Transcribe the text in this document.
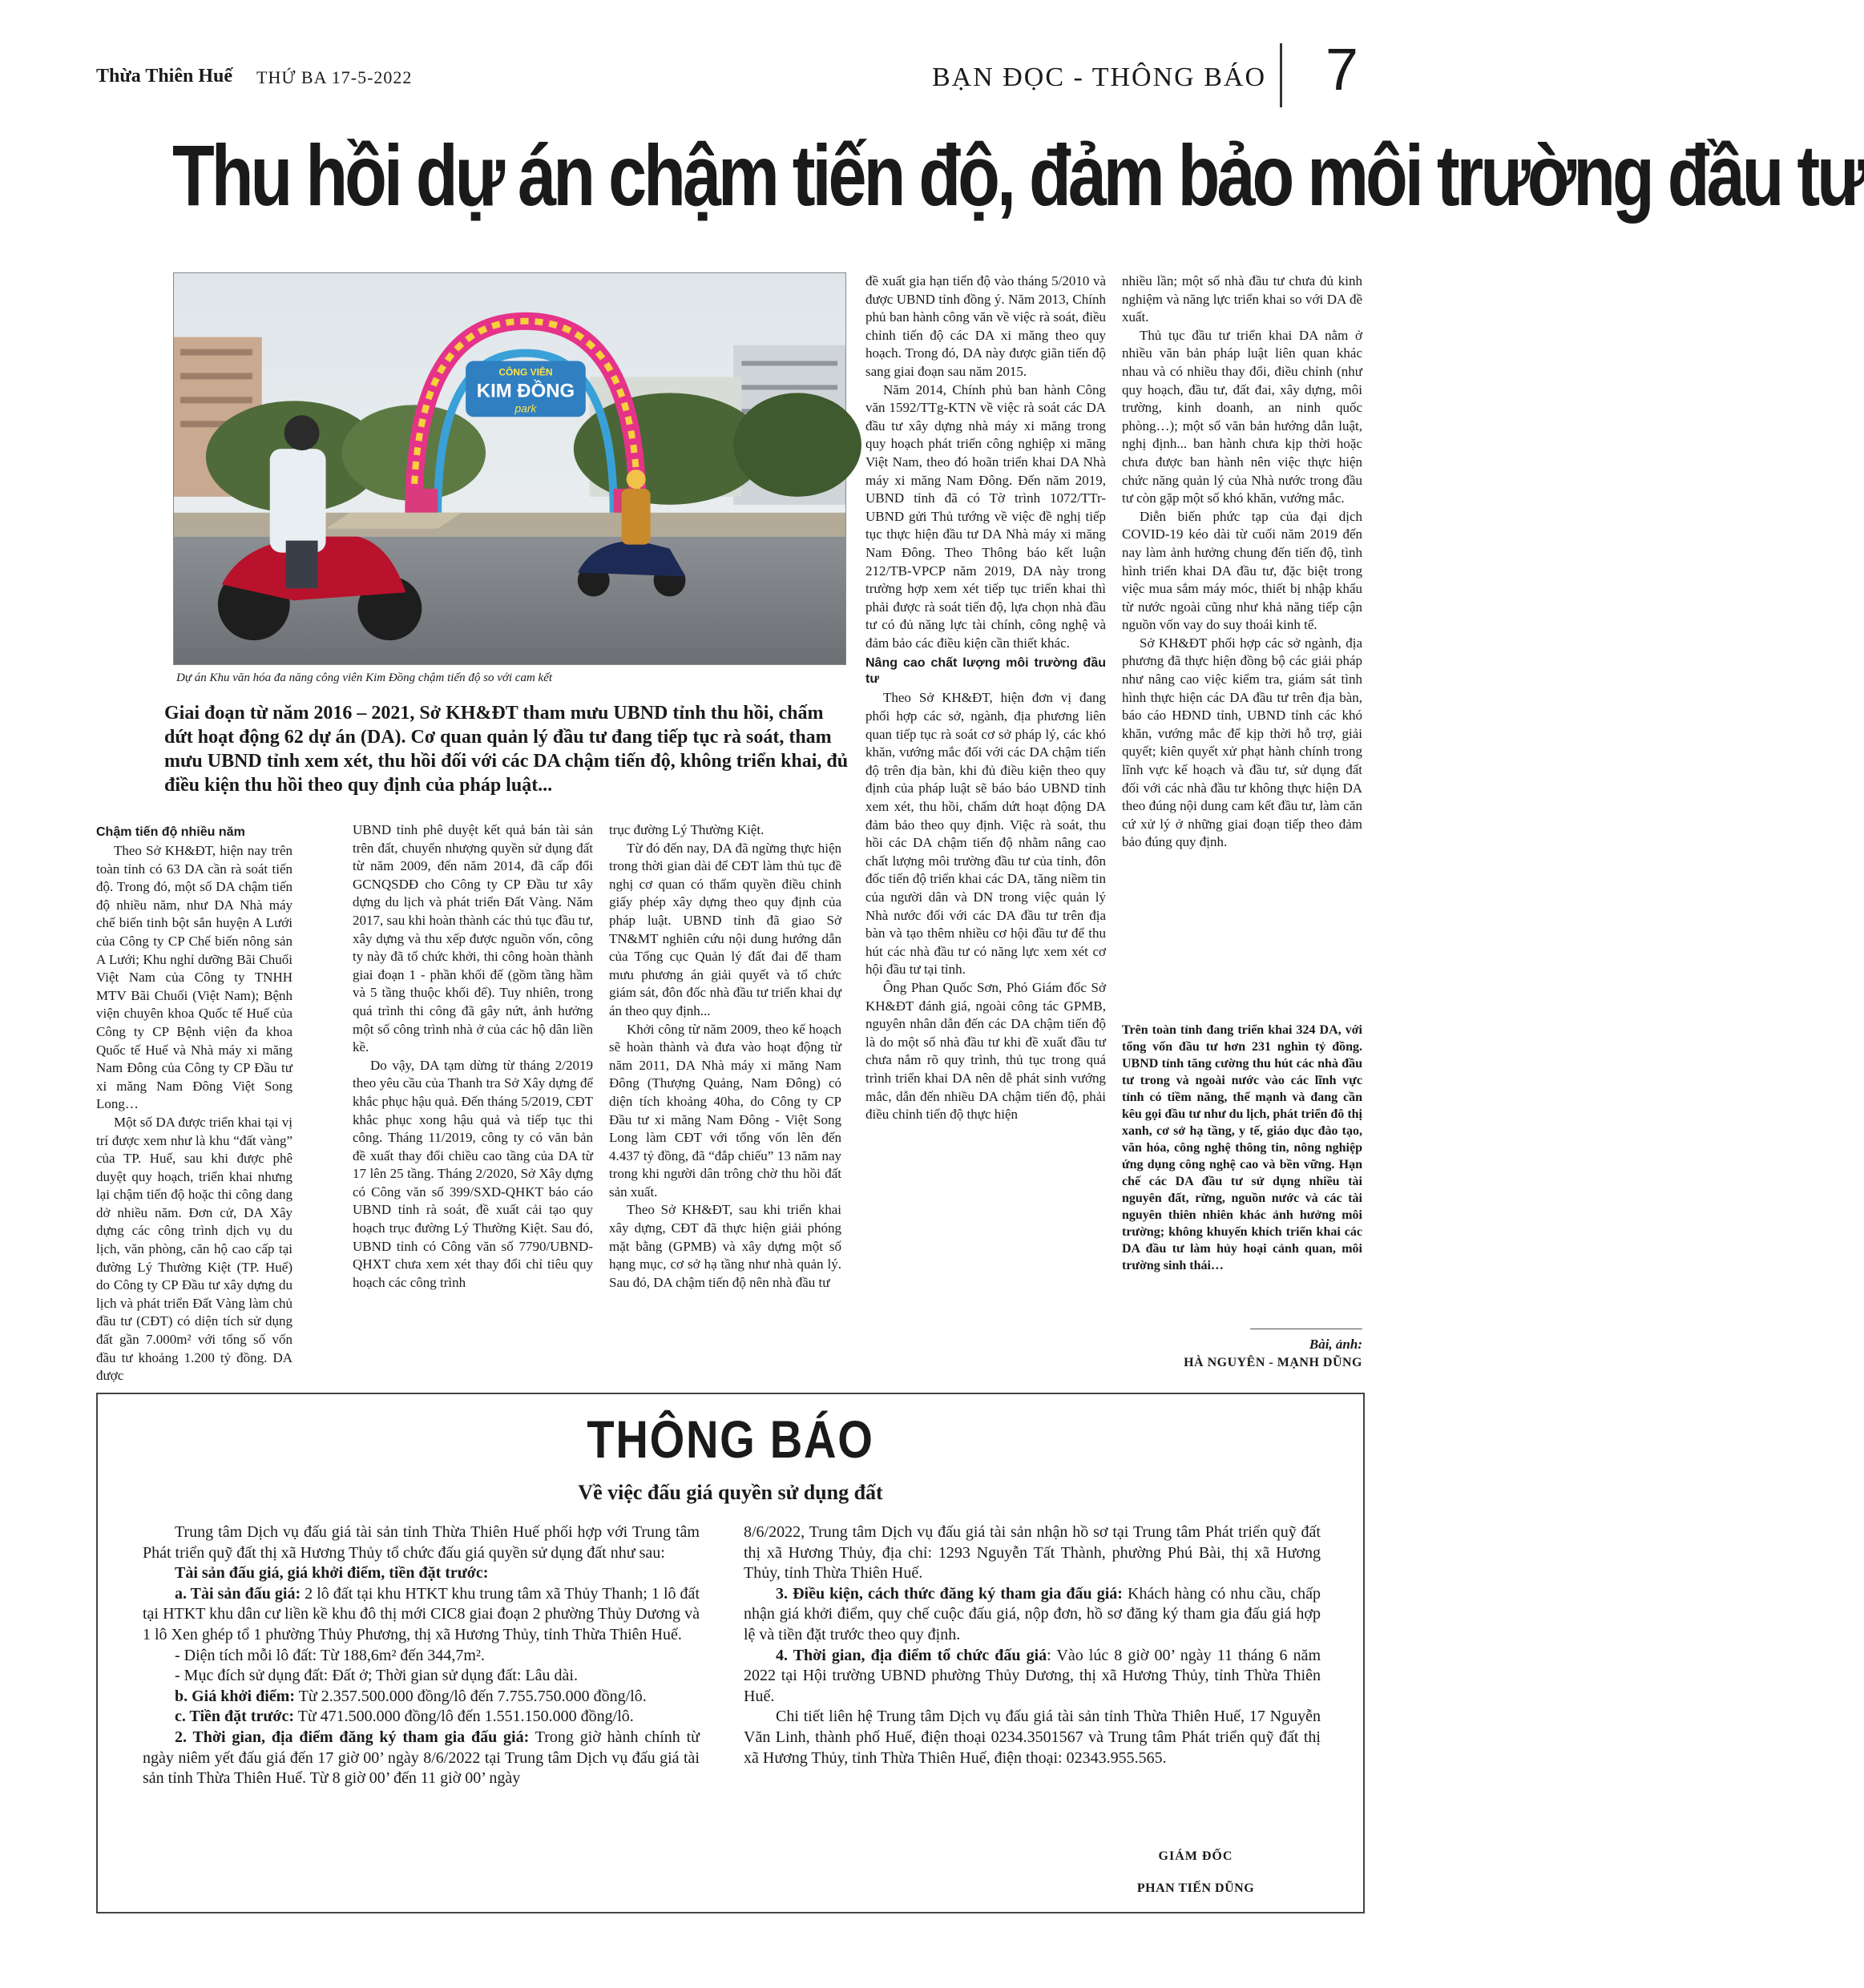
Thừa Thiên Huế THỨ BA 17-5-2022	BẠN ĐỌC - THÔNG BÁO 7
Thu hồi dự án chậm tiến độ, đảm bảo môi trường đầu tư
CÔNG VIÊN
KIM ĐỒNG
park
Dự án Khu văn hóa đa năng công viên Kim Đồng chậm tiến độ so với cam kết
Giai đoạn từ năm 2016 – 2021, Sở KH&ĐT tham mưu UBND tỉnh thu hồi, chấm dứt hoạt động 62 dự án (DA). Cơ quan quản lý đầu tư đang tiếp tục rà soát, tham mưu UBND tỉnh xem xét, thu hồi đối với các DA chậm tiến độ, không triển khai, đủ điều kiện thu hồi theo quy định của pháp luật...
Chậm tiến độ nhiều năm

Theo Sở KH&ĐT, hiện nay trên toàn tỉnh có 63 DA cần rà soát tiến độ. Trong đó, một số DA chậm tiến độ nhiều năm, như DA Nhà máy chế biến tinh bột sắn huyện A Lưới của Công ty CP Chế biến nông sản A Lưới; Khu nghỉ dưỡng Bãi Chuối Việt Nam của Công ty TNHH MTV Bãi Chuối (Việt Nam); Bệnh viện chuyên khoa Quốc tế Huế của Công ty CP Bệnh viện đa khoa Quốc tế Huế và Nhà máy xi măng Nam Đông của Công ty CP Đầu tư xi măng Nam Đông Việt Song Long…

Một số DA được triển khai tại vị trí được xem như là khu “đất vàng” của TP. Huế, sau khi được phê duyệt quy hoạch, triển khai nhưng lại chậm tiến độ hoặc thi công dang dở nhiều năm. Đơn cử, DA Xây dựng các công trình dịch vụ du lịch, văn phòng, căn hộ cao cấp tại đường Lý Thường Kiệt (TP. Huế) do Công ty CP Đầu tư xây dựng du lịch và phát triển Đất Vàng làm chủ đầu tư (CĐT) có diện tích sử dụng đất gần 7.000m² với tổng số vốn đầu tư khoảng 1.200 tỷ đồng. DA được

UBND tỉnh phê duyệt kết quả bán tài sản trên đất, chuyển nhượng quyền sử dụng đất từ năm 2009, đến năm 2014, đã cấp đổi GCNQSDĐ cho Công ty CP Đầu tư xây dựng du lịch và phát triển Đất Vàng. Năm 2017, sau khi hoàn thành các thủ tục đầu tư, xây dựng và thu xếp được nguồn vốn, công ty này đã tổ chức khởi, thi công hoàn thành giai đoạn 1 - phần khối đế (gồm tầng hầm và 5 tầng thuộc khối đế). Tuy nhiên, trong quá trình thi công đã gây nứt, ảnh hưởng một số công trình nhà ở của các hộ dân liền kề.

Do vậy, DA tạm dừng từ tháng 2/2019 theo yêu cầu của Thanh tra Sở Xây dựng để khắc phục hậu quả. Đến tháng 5/2019, CĐT khắc phục xong hậu quả và tiếp tục thi công. Tháng 11/2019, công ty có văn bản đề xuất thay đổi chiều cao tầng của DA từ 17 lên 25 tầng. Tháng 2/2020, Sở Xây dựng có Công văn số 399/SXD-QHKT báo cáo UBND tỉnh rà soát, đề xuất cải tạo quy hoạch trục đường Lý Thường Kiệt. Sau đó, UBND tỉnh có Công văn số 7790/UBND-QHXT chưa xem xét thay đổi chỉ tiêu quy hoạch các công trình

trục đường Lý Thường Kiệt.

Từ đó đến nay, DA đã ngừng thực hiện trong thời gian dài để CĐT làm thủ tục đề nghị cơ quan có thẩm quyền điều chỉnh giấy phép xây dựng theo quy định của pháp luật. UBND tỉnh đã giao Sở TN&MT nghiên cứu nội dung hướng dẫn của Tổng cục Quản lý đất đai để tham mưu phương án giải quyết và tổ chức giám sát, đôn đốc nhà đầu tư triển khai dự án theo quy định...

Khởi công từ năm 2009, theo kế hoạch sẽ hoàn thành và đưa vào hoạt động từ năm 2011, DA Nhà máy xi măng Nam Đông (Thượng Quảng, Nam Đông) có diện tích khoảng 40ha, do Công ty CP Đầu tư xi măng Nam Đông - Việt Song Long làm CĐT với tổng vốn lên đến 4.437 tỷ đồng, đã “đắp chiếu” 13 năm nay trong khi người dân trông chờ thu hồi đất sản xuất.

Theo Sở KH&ĐT, sau khi triển khai xây dựng, CĐT đã thực hiện giải phóng mặt bằng (GPMB) và xây dựng một số hạng mục, cơ sở hạ tầng như nhà quản lý. Sau đó, DA chậm tiến độ nên nhà đầu tư

đề xuất gia hạn tiến độ vào tháng 5/2010 và được UBND tỉnh đồng ý. Năm 2013, Chính phủ ban hành công văn về việc rà soát, điều chỉnh tiến độ các DA xi măng theo quy hoạch. Trong đó, DA này được giãn tiến độ sang giai đoạn sau năm 2015.

Năm 2014, Chính phủ ban hành Công văn 1592/TTg-KTN về việc rà soát các DA đầu tư xây dựng nhà máy xi măng trong quy hoạch phát triển công nghiệp xi măng Việt Nam, theo đó hoãn triển khai DA Nhà máy xi măng Nam Đông. Đến năm 2019, UBND tỉnh đã có Tờ trình 1072/TTr-UBND gửi Thủ tướng về việc đề nghị tiếp tục thực hiện đầu tư DA Nhà máy xi măng Nam Đông. Theo Thông báo kết luận 212/TB-VPCP năm 2019, DA này trong trường hợp xem xét tiếp tục triển khai thì phải được rà soát tiến độ, lựa chọn nhà đầu tư có đủ năng lực tài chính, công nghệ và đảm bảo các điều kiện cần thiết khác.

Nâng cao chất lượng môi trường đầu tư

Theo Sở KH&ĐT, hiện đơn vị đang phối hợp các sở, ngành, địa phương liên quan tiếp tục rà soát cơ sở pháp lý, các khó khăn, vướng mắc đối với các DA chậm tiến độ trên địa bàn, khi đủ điều kiện theo quy định của pháp luật sẽ báo báo UBND tỉnh xem xét, thu hồi, chấm dứt hoạt động DA đảm bảo theo quy định. Việc rà soát, thu hồi các DA chậm tiến độ nhằm nâng cao chất lượng môi trường đầu tư của tỉnh, đôn đốc tiến độ triển khai các DA, tăng niềm tin của người dân và DN trong việc quản lý Nhà nước đối với các DA đầu tư trên địa bàn và tạo thêm nhiều cơ hội đầu tư để thu hút các nhà đầu tư có năng lực xem xét cơ hội đầu tư tại tỉnh.

Ông Phan Quốc Sơn, Phó Giám đốc Sở KH&ĐT đánh giá, ngoài công tác GPMB, nguyên nhân dẫn đến các DA chậm tiến độ là do một số nhà đầu tư khi đề xuất đầu tư chưa nắm rõ quy trình, thủ tục trong quá trình triển khai DA nên dễ phát sinh vướng mắc, dẫn đến nhiều DA chậm tiến độ, phải điều chỉnh tiến độ thực hiện

nhiều lần; một số nhà đầu tư chưa đủ kinh nghiệm và năng lực triển khai so với DA đề xuất.

Thủ tục đầu tư triển khai DA nằm ở nhiều văn bản pháp luật liên quan khác nhau và có nhiều thay đổi, điều chỉnh (như quy hoạch, đầu tư, đất đai, xây dựng, môi trường, kinh doanh, an ninh quốc phòng…); một số văn bản hướng dẫn luật, nghị định... ban hành chưa kịp thời hoặc chưa được ban hành nên việc thực hiện chức năng quản lý của Nhà nước trong đầu tư còn gặp một số khó khăn, vướng mắc.

Diễn biến phức tạp của đại dịch COVID-19 kéo dài từ cuối năm 2019 đến nay làm ảnh hưởng chung đến tiến độ, tình hình triển khai DA đầu tư, đặc biệt trong việc mua sắm máy móc, thiết bị nhập khẩu từ nước ngoài cũng như khả năng tiếp cận nguồn vốn vay do suy thoái kinh tế.

Sở KH&ĐT phối hợp các sở ngành, địa phương đã thực hiện đồng bộ các giải pháp như nâng cao việc kiểm tra, giám sát tình hình thực hiện các DA đầu tư trên địa bàn, báo cáo HĐND tỉnh, UBND tỉnh các khó khăn, vướng mắc để kịp thời hỗ trợ, giải quyết; kiên quyết xử phạt hành chính trong lĩnh vực kế hoạch và đầu tư, sử dụng đất đối với các nhà đầu tư không thực hiện DA theo đúng nội dung cam kết đầu tư, làm căn cứ xử lý ở những giai đoạn tiếp theo đảm bảo đúng quy định.

Trên toàn tỉnh đang triển khai 324 DA, với tổng vốn đầu tư hơn 231 nghìn tỷ đồng. UBND tỉnh tăng cường thu hút các nhà đầu tư trong và ngoài nước vào các lĩnh vực tỉnh có tiềm năng, thế mạnh và đang cần kêu gọi đầu tư như du lịch, phát triển đô thị xanh, cơ sở hạ tầng, y tế, giáo dục đào tạo, văn hóa, công nghệ thông tin, nông nghiệp ứng dụng công nghệ cao và bền vững. Hạn chế các DA đầu tư sử dụng nhiều tài nguyên đất, rừng, nguồn nước và các tài nguyên thiên nhiên khác ảnh hưởng môi trường; không khuyến khích triển khai các DA đầu tư làm hủy hoại cảnh quan, môi trường sinh thái…
Bài, ảnh:
HÀ NGUYÊN - MẠNH DŨNG
THÔNG BÁO
Về việc đấu giá quyền sử dụng đất

Trung tâm Dịch vụ đấu giá tài sản tỉnh Thừa Thiên Huế phối hợp với Trung tâm Phát triển quỹ đất thị xã Hương Thủy tổ chức đấu giá quyền sử dụng đất như sau:

Tài sản đấu giá, giá khởi điểm, tiền đặt trước:

a. Tài sản đấu giá: 2 lô đất tại khu HTKT khu trung tâm xã Thủy Thanh; 1 lô đất tại HTKT khu dân cư liền kề khu đô thị mới CIC8 giai đoạn 2 phường Thủy Dương và 1 lô Xen ghép tổ 1 phường Thủy Phương, thị xã Hương Thủy, tỉnh Thừa Thiên Huế.

- Diện tích mỗi lô đất: Từ 188,6m² đến 344,7m².

- Mục đích sử dụng đất: Đất ở; Thời gian sử dụng đất: Lâu dài.

b. Giá khởi điểm: Từ 2.357.500.000 đồng/lô đến 7.755.750.000 đồng/lô.

c. Tiền đặt trước: Từ 471.500.000 đồng/lô đến 1.551.150.000 đồng/lô.

2. Thời gian, địa điểm đăng ký tham gia đấu giá: Trong giờ hành chính từ ngày niêm yết đấu giá đến 17 giờ 00’ ngày 8/6/2022 tại Trung tâm Dịch vụ đấu giá tài sản tỉnh Thừa Thiên Huế. Từ 8 giờ 00’ đến 11 giờ 00’ ngày

8/6/2022, Trung tâm Dịch vụ đấu giá tài sản nhận hồ sơ tại Trung tâm Phát triển quỹ đất thị xã Hương Thủy, địa chỉ: 1293 Nguyễn Tất Thành, phường Phú Bài, thị xã Hương Thủy, tỉnh Thừa Thiên Huế.

3. Điều kiện, cách thức đăng ký tham gia đấu giá: Khách hàng có nhu cầu, chấp nhận giá khởi điểm, quy chế cuộc đấu giá, nộp đơn, hồ sơ đăng ký tham gia đấu giá hợp lệ và tiền đặt trước theo quy định.

4. Thời gian, địa điểm tổ chức đấu giá: Vào lúc 8 giờ 00’ ngày 11 tháng 6 năm 2022 tại Hội trường UBND phường Thủy Dương, thị xã Hương Thủy, tỉnh Thừa Thiên Huế.

Chi tiết liên hệ Trung tâm Dịch vụ đấu giá tài sản tỉnh Thừa Thiên Huế, 17 Nguyễn Văn Linh, thành phố Huế, điện thoại 0234.3501567 và Trung tâm Phát triển quỹ đất thị xã Hương Thủy, tỉnh Thừa Thiên Huế, điện thoại: 02343.955.565.

GIÁM ĐỐC
PHAN TIẾN DŨNG
